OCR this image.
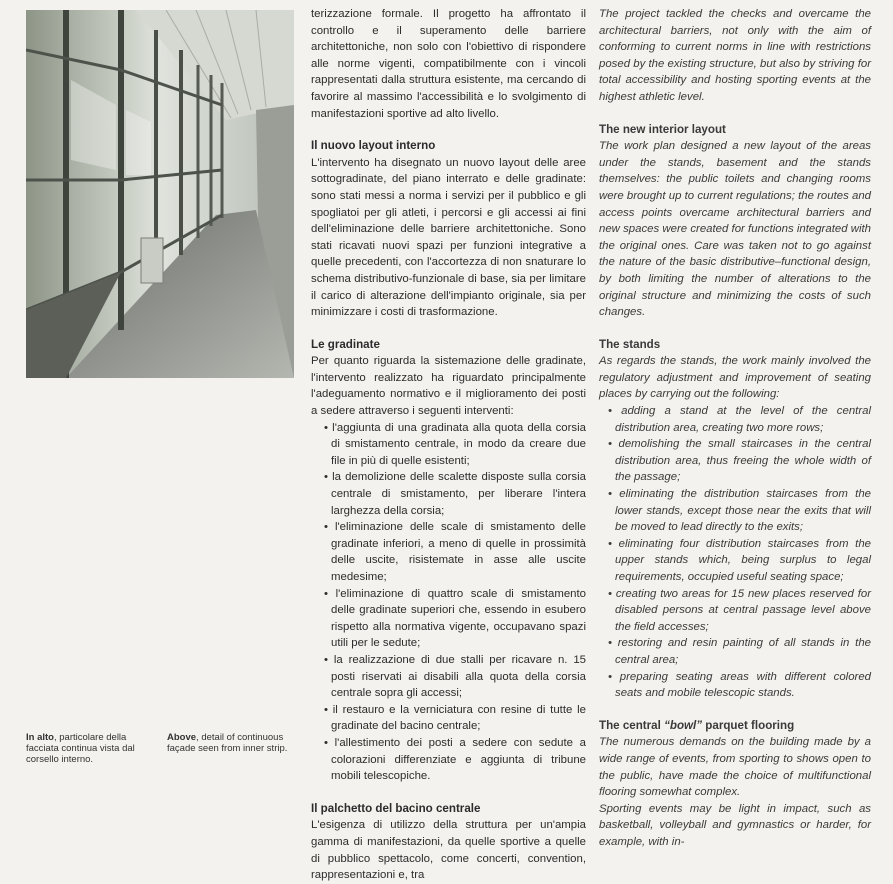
In alto, particolare della facciata continua vista dal corsello interno.
Above, detail of continuous façade seen from inner strip.

terizzazione formale. Il progetto ha affrontato il controllo e il superamento delle barriere architettoniche, non solo con l'obiettivo di rispondere alle norme vigenti, compatibilmente con i vincoli rappresentati dalla struttura esistente, ma cercando di favorire al massimo l'accessibilità e lo svolgimento di manifestazioni sportive ad alto livello.

Il nuovo layout interno

L'intervento ha disegnato un nuovo layout delle aree sottogradinate, del piano interrato e delle gradinate: sono stati messi a norma i servizi per il pubblico e gli spogliatoi per gli atleti, i percorsi e gli accessi ai fini dell'eliminazione delle barriere architettoniche. Sono stati ricavati nuovi spazi per funzioni integrative a quelle precedenti, con l'accortezza di non snaturare lo schema distributivo-funzionale di base, sia per limitare il carico di alterazione dell'impianto originale, sia per minimizzare i costi di trasformazione.

Le gradinate

Per quanto riguarda la sistemazione delle gradinate, l'intervento realizzato ha riguardato principalmente l'adeguamento normativo e il miglioramento dei posti a sedere attraverso i seguenti interventi:

• l'aggiunta di una gradinata alla quota della corsia di smistamento centrale, in modo da creare due file in più di quelle esistenti;
• la demolizione delle scalette disposte sulla corsia centrale di smistamento, per liberare l'intera larghezza della corsia;
• l'eliminazione delle scale di smistamento delle gradinate inferiori, a meno di quelle in prossimità delle uscite, risistemate in asse alle uscite medesime;
• l'eliminazione di quattro scale di smistamento delle gradinate superiori che, essendo in esubero rispetto alla normativa vigente, occupavano spazi utili per le sedute;
• la realizzazione di due stalli per ricavare n. 15 posti riservati ai disabili alla quota della corsia centrale sopra gli accessi;
• il restauro e la verniciatura con resine di tutte le gradinate del bacino centrale;
• l'allestimento dei posti a sedere con sedute a colorazioni differenziate e aggiunta di tribune mobili telescopiche.
Il palchetto del bacino centrale

L'esigenza di utilizzo della struttura per un'ampia gamma di manifestazioni, da quelle sportive a quelle di pubblico spettacolo, come concerti, convention, rappresentazioni e, tra

The project tackled the checks and overcame the architectural barriers, not only with the aim of conforming to current norms in line with restrictions posed by the existing structure, but also by striving for total accessibility and hosting sporting events at the highest athletic level.

The new interior layout

The work plan designed a new layout of the areas under the stands, basement and the stands themselves: the public toilets and changing rooms were brought up to current regulations; the routes and access points overcame architectural barriers and new spaces were created for functions integrated with the original ones. Care was taken not to go against the nature of the basic distributive–functional design, by both limiting the number of alterations to the original structure and minimizing the costs of such changes.

The stands

As regards the stands, the work mainly involved the regulatory adjustment and improvement of seating places by carrying out the following:

• adding a stand at the level of the central distribution area, creating two more rows;
• demolishing the small staircases in the central distribution area, thus freeing the whole width of the passage;
• eliminating the distribution staircases from the lower stands, except those near the exits that will be moved to lead directly to the exits;
• eliminating four distribution staircases from the upper stands which, being surplus to legal requirements, occupied useful seating space;
• creating two areas for 15 new places reserved for disabled persons at central passage level above the field accesses;
• restoring and resin painting of all stands in the central area;
• preparing seating areas with different colored seats and mobile telescopic stands.
The central “bowl” parquet flooring

The numerous demands on the building made by a wide range of events, from sporting to shows open to the public, have made the choice of multifunctional flooring somewhat complex.

Sporting events may be light in impact, such as basketball, volleyball and gymnastics or harder, for example, with in-
